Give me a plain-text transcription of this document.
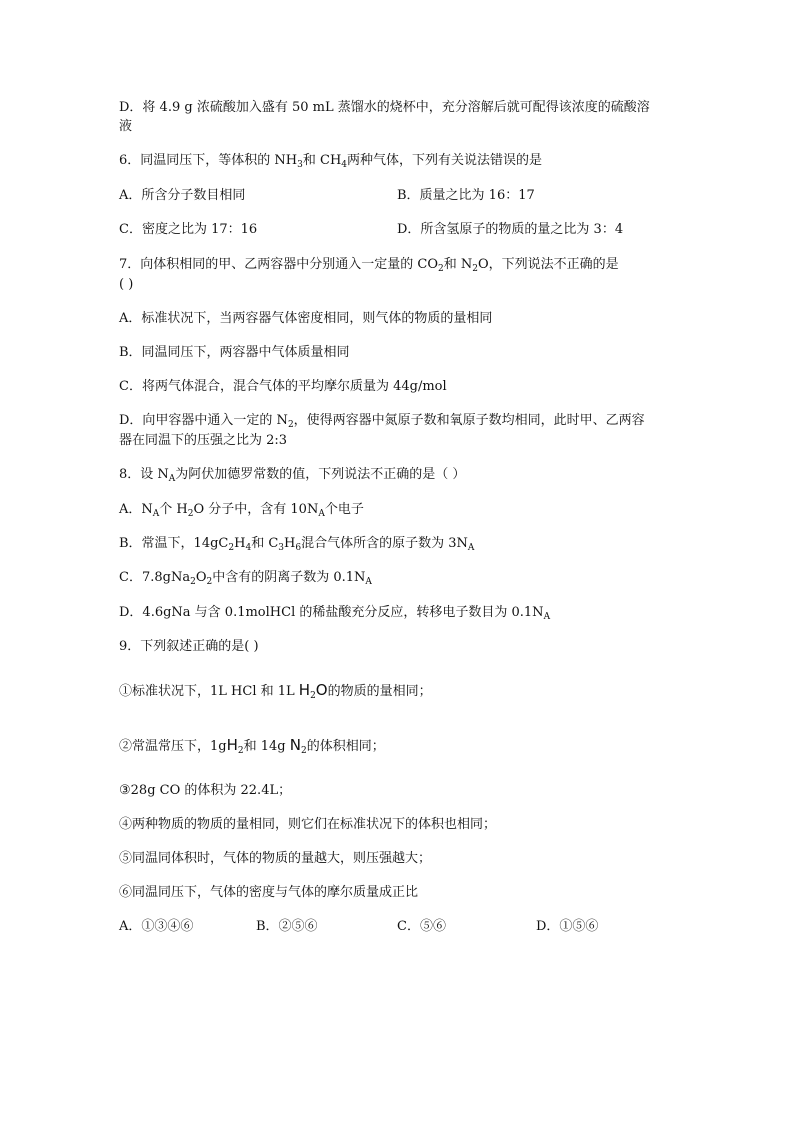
D．将 4.9 g 浓硫酸加入盛有 50 mL 蒸馏水的烧杯中，充分溶解后就可配得该浓度的硫酸溶
液
6．同温同压下，等体积的 $NH_3$和 $CH_4$两种气体，下列有关说法错误的是
A．所含分子数目相同	B．质量之比为 16：17
C．密度之比为 17：16	D．所含氢原子的物质的量之比为 3：4
7．向体积相同的甲、乙两容器中分别通入一定量的 $CO_2$和 $N_2O$，下列说法不正确的是
( )
A．标准状况下，当两容器气体密度相同，则气体的物质的量相同
B．同温同压下，两容器中气体质量相同
C．将两气体混合，混合气体的平均摩尔质量为 44g/mol
D．向甲容器中通入一定的 $N_2$，使得两容器中氮原子数和氧原子数均相同，此时甲、乙两容
器在同温下的压强之比为 2:3
8．设 $N_A$为阿伏加德罗常数的值，下列说法不正确的是（ ）
A．$N_A$个 $H_2O$ 分子中，含有 $10N_A$个电子
B．常温下，$14gC_2H_4$和 $C_3H_6$混合气体所含的原子数为 $3N_A$
C．$7.8gNa_2O_2$中含有的阴离子数为 $0.1N_A$
D．4.6gNa 与含 0.1molHCl 的稀盐酸充分反应，转移电子数目为 $0.1N_A$
9．下列叙述正确的是( )
①标准状况下，1L HCl 和 1L $H_2O$的物质的量相同；
②常温常压下，$1gH_2$和 14g $N_2$的体积相同；
③28g CO 的体积为 22.4L；
④两种物质的物质的量相同，则它们在标准状况下的体积也相同；
⑤同温同体积时，气体的物质的量越大，则压强越大；
⑥同温同压下，气体的密度与气体的摩尔质量成正比
A．①③④⑥	B．②⑤⑥	C．⑤⑥	D．①⑤⑥
